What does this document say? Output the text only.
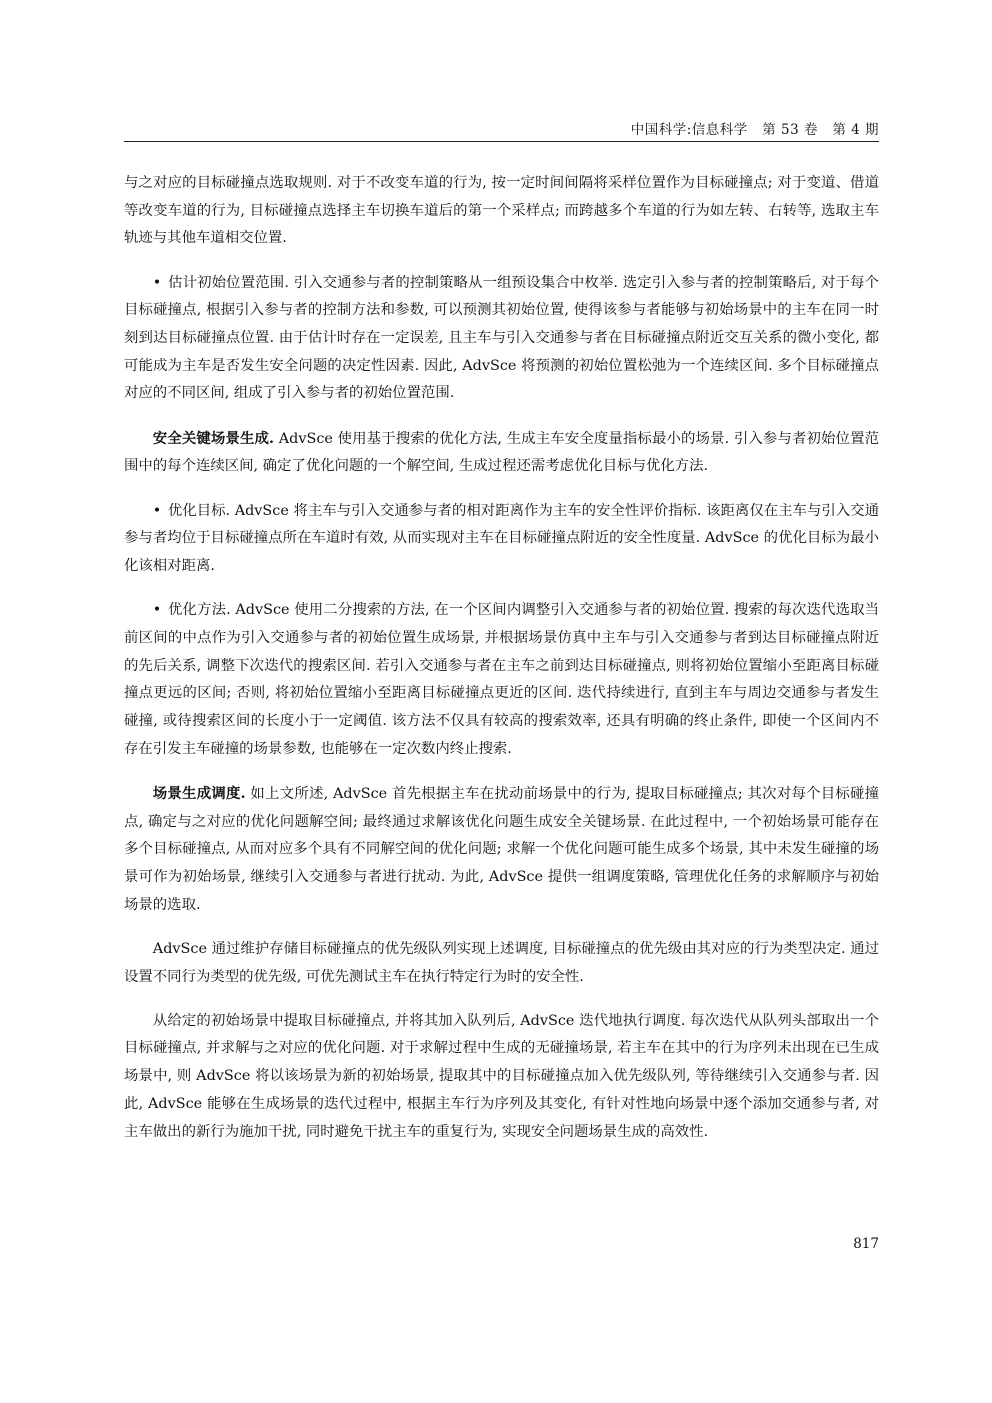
中国科学:信息科学 第 53 卷 第 4 期

与之对应的目标碰撞点选取规则. 对于不改变车道的行为, 按一定时间间隔将采样位置作为目标碰撞点; 对于变道、借道等改变车道的行为, 目标碰撞点选择主车切换车道后的第一个采样点; 而跨越多个车道的行为如左转、右转等, 选取主车轨迹与其他车道相交位置.

• 估计初始位置范围. 引入交通参与者的控制策略从一组预设集合中枚举. 选定引入参与者的控制策略后, 对于每个目标碰撞点, 根据引入参与者的控制方法和参数, 可以预测其初始位置, 使得该参与者能够与初始场景中的主车在同一时刻到达目标碰撞点位置. 由于估计时存在一定误差, 且主车与引入交通参与者在目标碰撞点附近交互关系的微小变化, 都可能成为主车是否发生安全问题的决定性因素. 因此, AdvSce 将预测的初始位置松弛为一个连续区间. 多个目标碰撞点对应的不同区间, 组成了引入参与者的初始位置范围.

安全关键场景生成. AdvSce 使用基于搜索的优化方法, 生成主车安全度量指标最小的场景. 引入参与者初始位置范围中的每个连续区间, 确定了优化问题的一个解空间, 生成过程还需考虑优化目标与优化方法.

• 优化目标. AdvSce 将主车与引入交通参与者的相对距离作为主车的安全性评价指标. 该距离仅在主车与引入交通参与者均位于目标碰撞点所在车道时有效, 从而实现对主车在目标碰撞点附近的安全性度量. AdvSce 的优化目标为最小化该相对距离.

• 优化方法. AdvSce 使用二分搜索的方法, 在一个区间内调整引入交通参与者的初始位置. 搜索的每次迭代选取当前区间的中点作为引入交通参与者的初始位置生成场景, 并根据场景仿真中主车与引入交通参与者到达目标碰撞点附近的先后关系, 调整下次迭代的搜索区间. 若引入交通参与者在主车之前到达目标碰撞点, 则将初始位置缩小至距离目标碰撞点更远的区间; 否则, 将初始位置缩小至距离目标碰撞点更近的区间. 迭代持续进行, 直到主车与周边交通参与者发生碰撞, 或待搜索区间的长度小于一定阈值. 该方法不仅具有较高的搜索效率, 还具有明确的终止条件, 即使一个区间内不存在引发主车碰撞的场景参数, 也能够在一定次数内终止搜索.

场景生成调度. 如上文所述, AdvSce 首先根据主车在扰动前场景中的行为, 提取目标碰撞点; 其次对每个目标碰撞点, 确定与之对应的优化问题解空间; 最终通过求解该优化问题生成安全关键场景. 在此过程中, 一个初始场景可能存在多个目标碰撞点, 从而对应多个具有不同解空间的优化问题; 求解一个优化问题可能生成多个场景, 其中未发生碰撞的场景可作为初始场景, 继续引入交通参与者进行扰动. 为此, AdvSce 提供一组调度策略, 管理优化任务的求解顺序与初始场景的选取.

AdvSce 通过维护存储目标碰撞点的优先级队列实现上述调度, 目标碰撞点的优先级由其对应的行为类型决定. 通过设置不同行为类型的优先级, 可优先测试主车在执行特定行为时的安全性.

从给定的初始场景中提取目标碰撞点, 并将其加入队列后, AdvSce 迭代地执行调度. 每次迭代从队列头部取出一个目标碰撞点, 并求解与之对应的优化问题. 对于求解过程中生成的无碰撞场景, 若主车在其中的行为序列未出现在已生成场景中, 则 AdvSce 将以该场景为新的初始场景, 提取其中的目标碰撞点加入优先级队列, 等待继续引入交通参与者. 因此, AdvSce 能够在生成场景的迭代过程中, 根据主车行为序列及其变化, 有针对性地向场景中逐个添加交通参与者, 对主车做出的新行为施加干扰, 同时避免干扰主车的重复行为, 实现安全问题场景生成的高效性.

817
